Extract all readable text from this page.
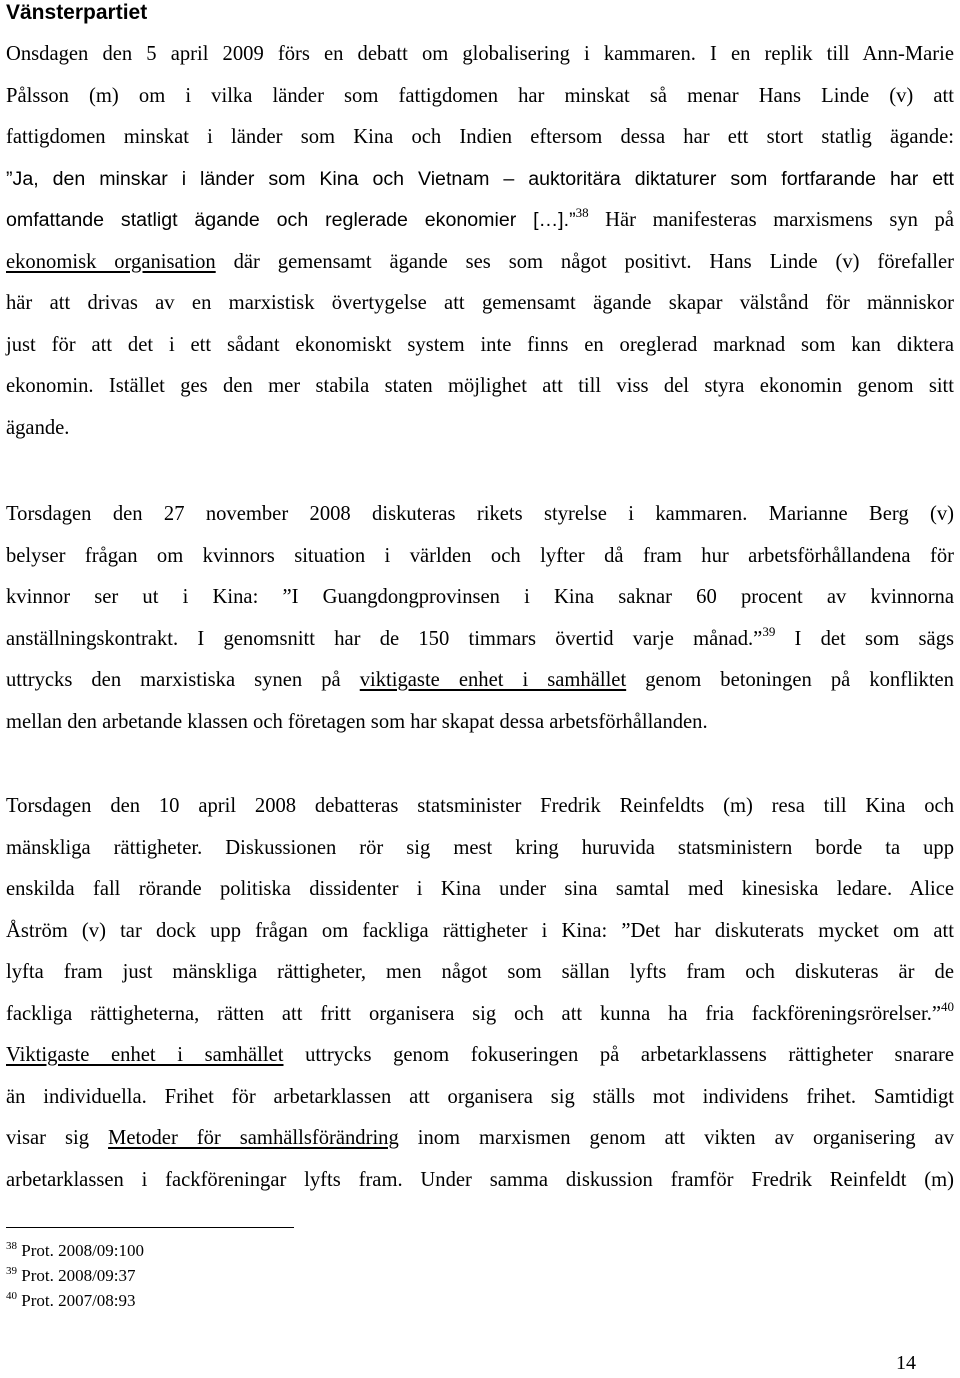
Vänsterpartiet
Onsdagen den 5 april 2009 förs en debatt om globalisering i kammaren. I en replik till Ann-Marie
Pålsson (m) om i vilka länder som fattigdomen har minskat så menar Hans Linde (v) att
fattigdomen minskat i länder som Kina och Indien eftersom dessa har ett stort statlig ägande:
”Ja, den minskar i länder som Kina och Vietnam – auktoritära diktaturer som fortfarande har ett
omfattande statligt ägande och reglerade ekonomier […].”$^{38}$ Här manifesteras marxismens syn på
ekonomisk organisation där gemensamt ägande ses som något positivt. Hans Linde (v) förefaller
här att drivas av en marxistisk övertygelse att gemensamt ägande skapar välstånd för människor
just för att det i ett sådant ekonomiskt system inte finns en oreglerad marknad som kan diktera
ekonomin. Istället ges den mer stabila staten möjlighet att till viss del styra ekonomin genom sitt
ägande.
Torsdagen den 27 november 2008 diskuteras rikets styrelse i kammaren. Marianne Berg (v)
belyser frågan om kvinnors situation i världen och lyfter då fram hur arbetsförhållandena för
kvinnor ser ut i Kina: ”I Guangdongprovinsen i Kina saknar 60 procent av kvinnorna
anställningskontrakt. I genomsnitt har de 150 timmars övertid varje månad.”$^{39}$ I det som sägs
uttrycks den marxistiska synen på viktigaste enhet i samhället genom betoningen på konflikten
mellan den arbetande klassen och företagen som har skapat dessa arbetsförhållanden.
Torsdagen den 10 april 2008 debatteras statsminister Fredrik Reinfeldts (m) resa till Kina och
mänskliga rättigheter. Diskussionen rör sig mest kring huruvida statsministern borde ta upp
enskilda fall rörande politiska dissidenter i Kina under sina samtal med kinesiska ledare. Alice
Åström (v) tar dock upp frågan om fackliga rättigheter i Kina: ”Det har diskuterats mycket om att
lyfta fram just mänskliga rättigheter, men något som sällan lyfts fram och diskuteras är de
fackliga rättigheterna, rätten att fritt organisera sig och att kunna ha fria fackföreningsrörelser.”$^{40}$
Viktigaste enhet i samhället uttrycks genom fokuseringen på arbetarklassens rättigheter snarare
än individuella. Frihet för arbetarklassen att organisera sig ställs mot individens frihet. Samtidigt
visar sig Metoder för samhällsförändring inom marxismen genom att vikten av organisering av
arbetarklassen i fackföreningar lyfts fram. Under samma diskussion framför Fredrik Reinfeldt (m)
$^{38}$ Prot. 2008/09:100
$^{39}$ Prot. 2008/09:37
$^{40}$ Prot. 2007/08:93
14
